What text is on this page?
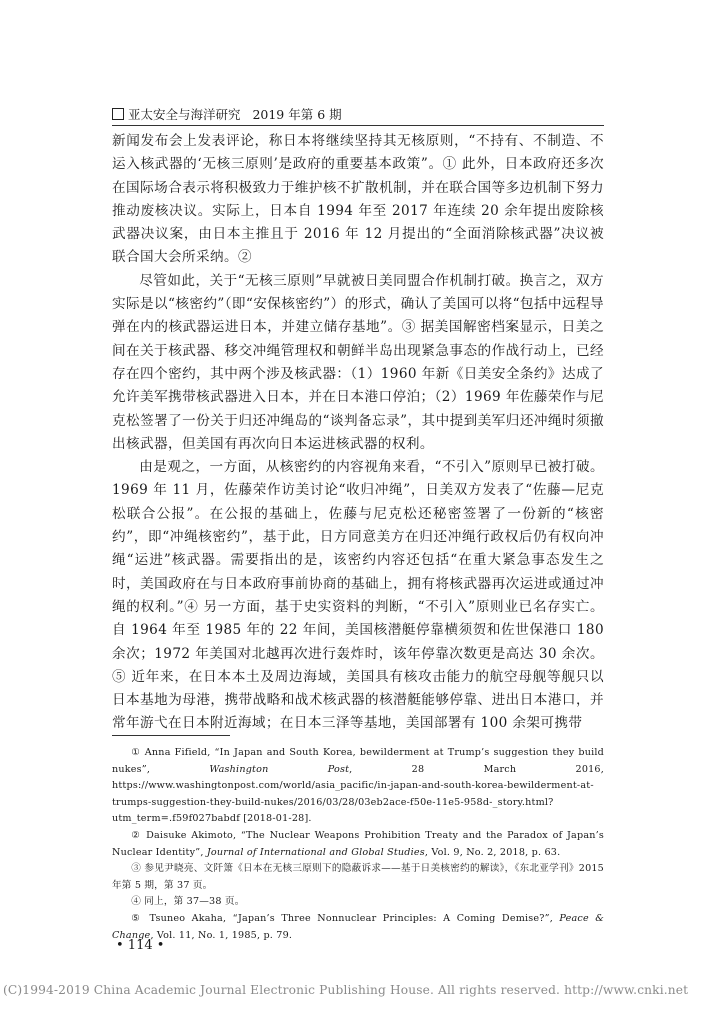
亚太安全与海洋研究 2019 年第 6 期

新闻发布会上发表评论，称日本将继续坚持其无核原则，“不持有、不制造、不运入核武器的‘无核三原则’是政府的重要基本政策”。① 此外，日本政府还多次在国际场合表示将积极致力于维护核不扩散机制，并在联合国等多边机制下努力推动废核决议。实际上，日本自 1994 年至 2017 年连续 20 余年提出废除核武器决议案，由日本主推且于 2016 年 12 月提出的“全面消除核武器”决议被联合国大会所采纳。②

尽管如此，关于“无核三原则”早就被日美同盟合作机制打破。换言之，双方实际是以“核密约”（即“安保核密约”）的形式，确认了美国可以将“包括中远程导弹在内的核武器运进日本，并建立储存基地”。③ 据美国解密档案显示，日美之间在关于核武器、移交冲绳管理权和朝鲜半岛出现紧急事态的作战行动上，已经存在四个密约，其中两个涉及核武器：（1）1960 年新《日美安全条约》达成了允许美军携带核武器进入日本，并在日本港口停泊；（2）1969 年佐藤荣作与尼克松签署了一份关于归还冲绳岛的“谈判备忘录”，其中提到美军归还冲绳时须撤出核武器，但美国有再次向日本运进核武器的权利。

由是观之，一方面，从核密约的内容视角来看，“不引入”原则早已被打破。1969 年 11 月，佐藤荣作访美讨论“收归冲绳”，日美双方发表了“佐藤—尼克松联合公报”。在公报的基础上，佐藤与尼克松还秘密签署了一份新的“核密约”，即“冲绳核密约”，基于此，日方同意美方在归还冲绳行政权后仍有权向冲绳“运进”核武器。需要指出的是，该密约内容还包括“在重大紧急事态发生之时，美国政府在与日本政府事前协商的基础上，拥有将核武器再次运进或通过冲绳的权利。”④ 另一方面，基于史实资料的判断，“不引入”原则业已名存实亡。自 1964 年至 1985 年的 22 年间，美国核潜艇停靠横须贺和佐世保港口 180 余次；1972 年美国对北越再次进行轰炸时，该年停靠次数更是高达 30 余次。⑤ 近年来，在日本本土及周边海域，美国具有核攻击能力的航空母舰等舰只以日本基地为母港，携带战略和战术核武器的核潜艇能够停靠、进出日本港口，并常年游弋在日本附近海域；在日本三泽等基地，美国部署有 100 余架可携带

① Anna Fifield, “In Japan and South Korea, bewilderment at Trump’s suggestion they build nukes”, Washington Post, 28 March 2016, https://www.washingtonpost.com/world/asia_pacific/in-japan-and-south-korea-bewilderment-at-trumps-suggestion-they-build-nukes/2016/03/28/03eb2ace-f50e-11e5-958d-_story.html?utm_term=.f59f027babdf [2018-01-28].

② Daisuke Akimoto, “The Nuclear Weapons Prohibition Treaty and the Paradox of Japan’s Nuclear Identity”, Journal of International and Global Studies, Vol. 9, No. 2, 2018, p. 63.

③ 参见尹晓亮、文阡箫《日本在无核三原则下的隐蔽诉求——基于日美核密约的解读》，《东北亚学刊》2015 年第 5 期，第 37 页。

④ 同上，第 37—38 页。

⑤ Tsuneo Akaha, “Japan’s Three Nonnuclear Principles: A Coming Demise?”, Peace & Change, Vol. 11, No. 1, 1985, p. 79.

• 114 •
(C)1994-2019 China Academic Journal Electronic Publishing House. All rights reserved. http://www.cnki.net
